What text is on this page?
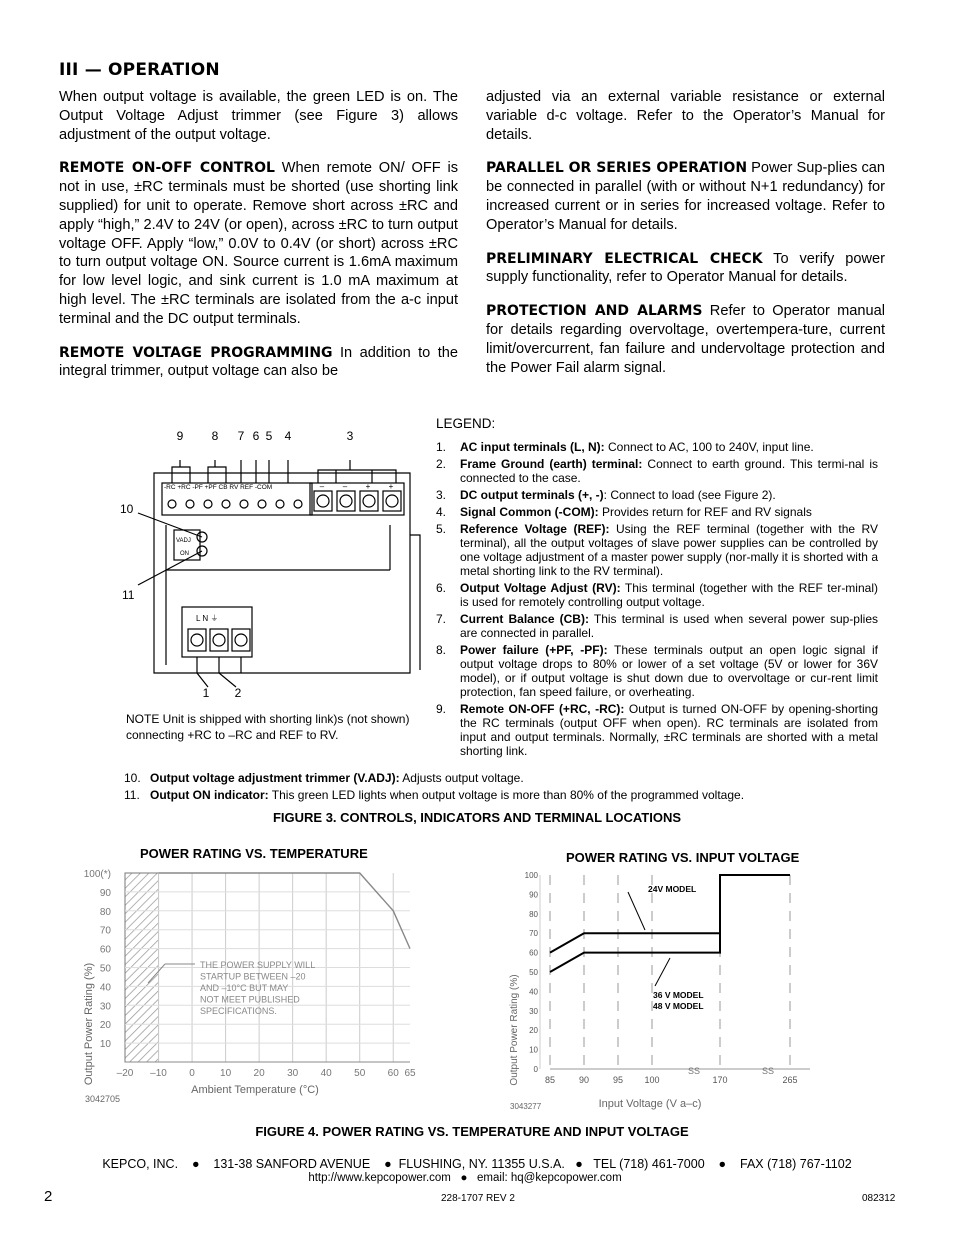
III — OPERATION

When output voltage is available, the green LED is on. The Output Voltage Adjust trimmer (see Figure 3) allows adjustment of the output voltage.

REMOTE ON-OFF CONTROL When remote ON/ OFF is not in use, ±RC terminals must be shorted (use shorting link supplied) for unit to operate. Remove short across ±RC and apply “high,” 2.4V to 24V (or open), across ±RC to turn output voltage OFF. Apply “low,” 0.0V to 0.4V (or short) across ±RC to turn output voltage ON. Source current is 1.6mA maximum for low level logic, and sink current is 1.0 mA maximum at high level. The ±RC terminals are isolated from the a-c input terminal and the DC output terminals.

REMOTE VOLTAGE PROGRAMMING In addition to the integral trimmer, output voltage can also be

adjusted via an external variable resistance or external variable d-c voltage. Refer to the Operator’s Manual for details.

PARALLEL OR SERIES OPERATION Power Sup-plies can be connected in parallel (with or without N+1 redundancy) for increased current or in series for increased voltage. Refer to Operator’s Manual for details.

PRELIMINARY ELECTRICAL CHECK To verify power supply functionality, refer to Operator Manual for details.

PROTECTION AND ALARMS Refer to Operator manual for details regarding overvoltage, overtempera-ture, current limit/overcurrent, fan failure and undervoltage protection and the Power Fail alarm signal.

9 8 7 6 5 4	3
10
11
1 2
-RC +RC -PF +PF CB RV REF -COM	– – + +
L N ⏚
VADJ
ON
NOTE Unit is shipped with shorting link)s (not shown) connecting +RC to –RC and REF to RV.
LEGEND:
1.	AC input terminals (L, N): Connect to AC, 100 to 240V, input line.
2.	Frame Ground (earth) terminal: Connect to earth ground. This termi-nal is connected to the case.
3.	DC output terminals (+, -): Connect to load (see Figure 2).
4.	Signal Common (-COM): Provides return for REF and RV signals
5.	Reference Voltage (REF): Using the REF terminal (together with the RV terminal), all the output voltages of slave power supplies can be controlled by one voltage adjustment of a master power supply (nor-mally it is shorted with a metal shorting link to the RV terminal).
6.	Output Voltage Adjust (RV): This terminal (together with the REF ter-minal) is used for remotely controlling output voltage.
7.	Current Balance (CB): This terminal is used when several power sup-plies are connected in parallel.
8.	Power failure (+PF, -PF): These terminals output an open logic signal if output voltage drops to 80% or lower of a set voltage (5V or lower for 36V model), or if output voltage is shut down due to overvoltage or cur-rent limit protection, fan speed failure, or overheating.
9.	Remote ON-OFF (+RC, -RC): Output is turned ON-OFF by opening-shorting the RC terminals (output OFF when open). RC terminals are isolated from input and output terminals. Normally, ±RC terminals are shorted with a metal shorting link.
10. Output voltage adjustment trimmer (V.ADJ): Adjusts output voltage.
11. Output ON indicator: This green LED lights when output voltage is more than 80% of the programmed voltage.
FIGURE 3. CONTROLS, INDICATORS AND TERMINAL LOCATIONS
POWER RATING VS. TEMPERATURE
Output Power Rating (%)
Ambient Temperature (°C)
3042705
100(*)
90
80
70
60
50
40
30
20
10
–20 –10 0	10 20 30 40 50 60 65
THE POWER SUPPLY WILL
STARTUP BETWEEN –20
AND –10°C BUT MAY
NOT MEET PUBLISHED
SPECIFICATIONS.
POWER RATING VS. INPUT VOLTAGE
Output Power Rating (%)
Input Voltage (V a–c)
3043277
100
90
80
70
60
50
40
30
20
10
0
85	90	95 100	170	265
24V MODEL
36 V MODEL
48 V MODEL
SS	SS
FIGURE 4. POWER RATING VS. TEMPERATURE AND INPUT VOLTAGE
KEPCO, INC.    ●    131-38 SANFORD AVENUE    ●  FLUSHING, NY. 11355 U.S.A.   ●   TEL (718) 461-7000    ●    FAX (718) 767-1102
http://www.kepcopower.com   ●   email: hq@kepcopower.com
2	228-1707 REV 2	082312
